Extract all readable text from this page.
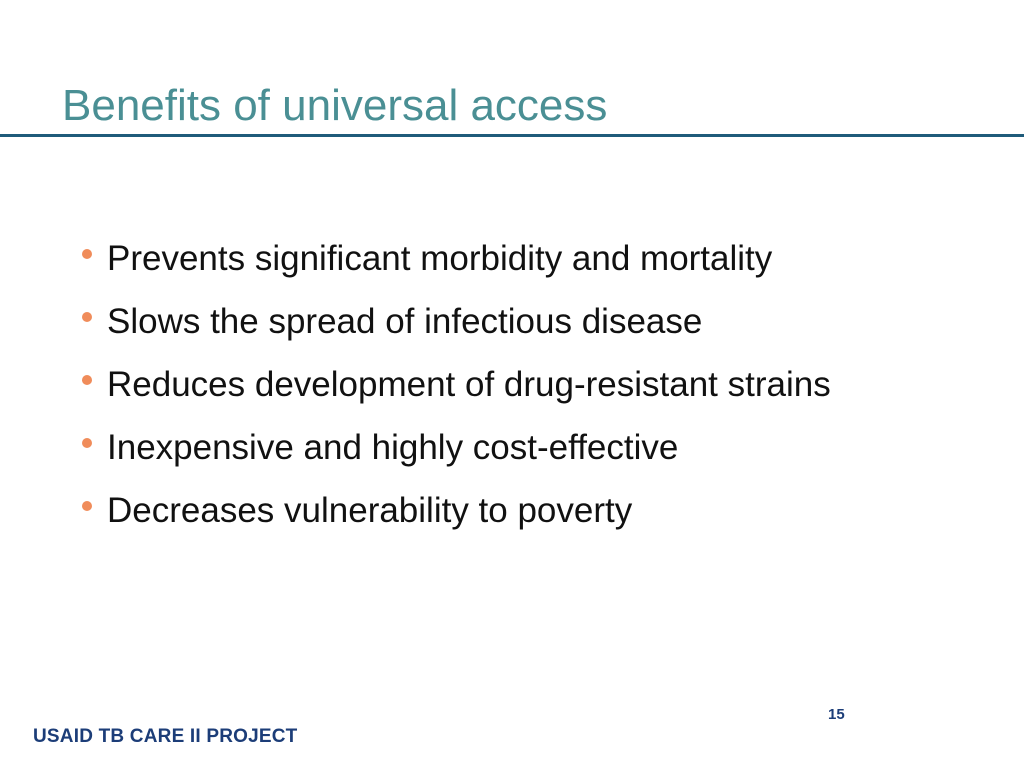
Benefits of universal access
Prevents significant morbidity and mortality
Slows the spread of infectious disease
Reduces development of drug-resistant strains
Inexpensive and highly cost-effective
Decreases vulnerability to poverty
USAID TB CARE II PROJECT
15
